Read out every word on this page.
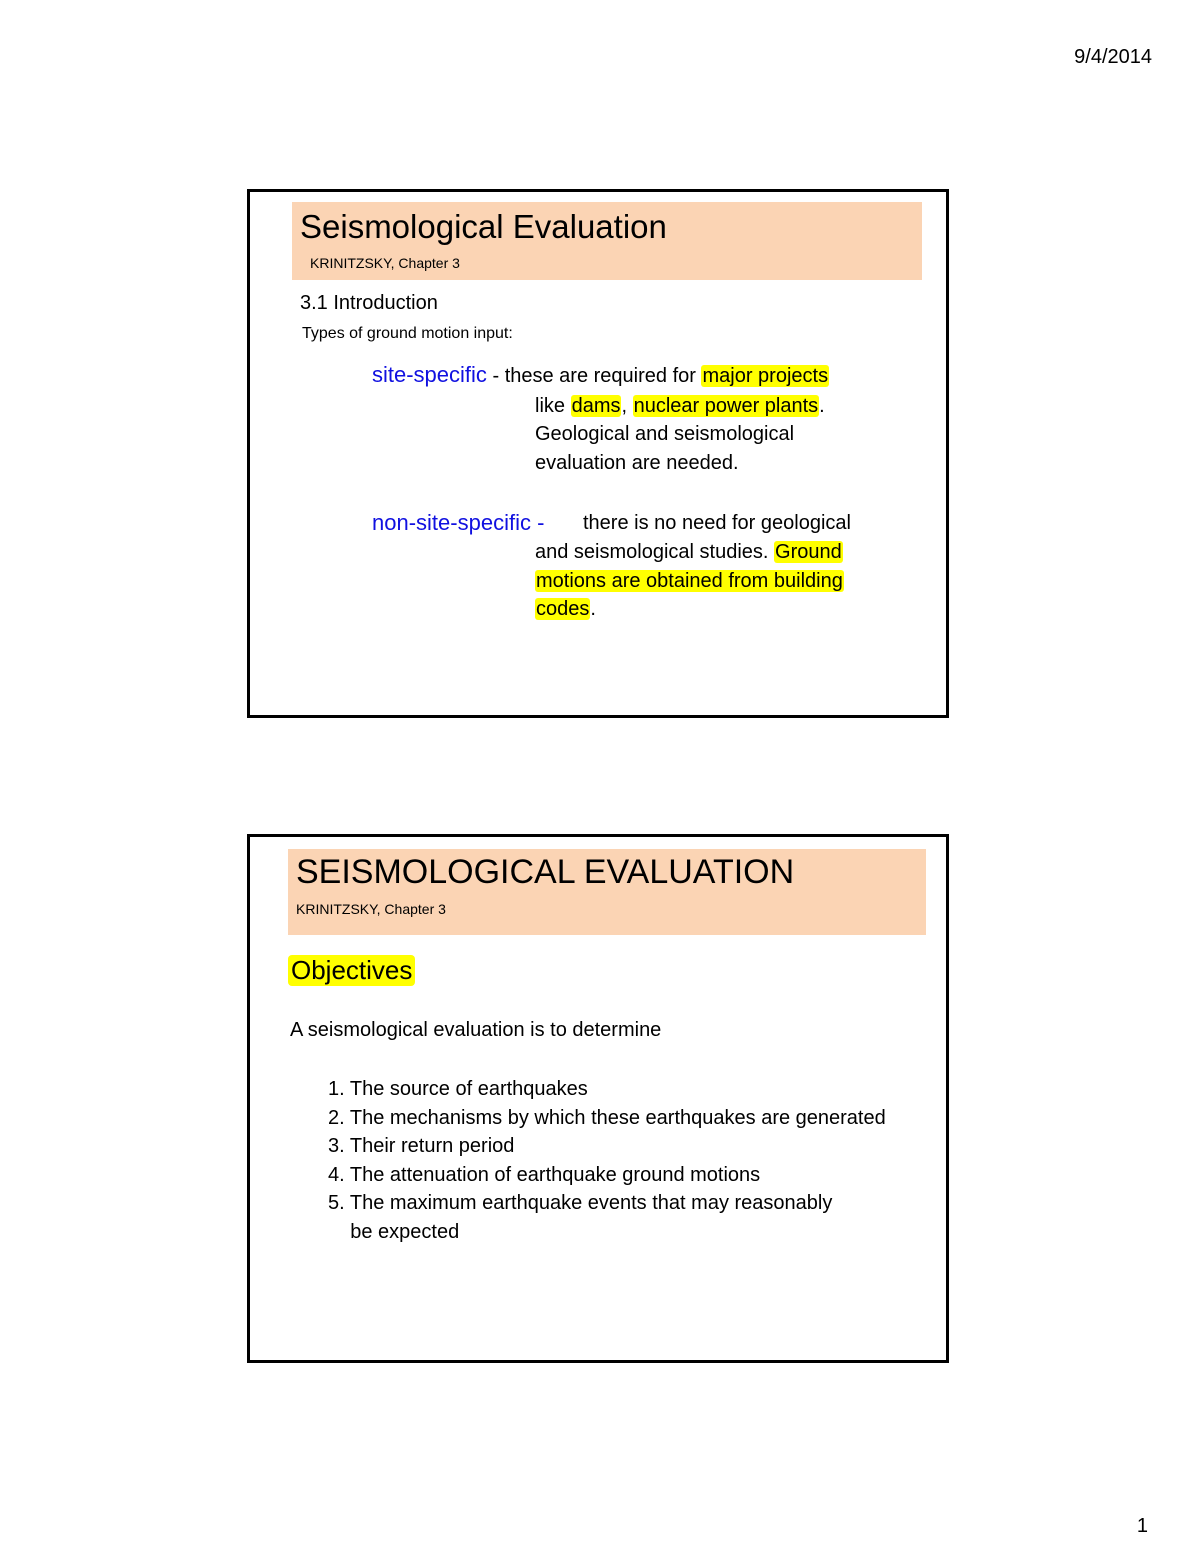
9/4/2014
Seismological Evaluation
KRINITZSKY, Chapter 3
3.1 Introduction
Types of ground motion input:
site-specific - these are required for major projects
like dams, nuclear power plants.
Geological and seismological
evaluation are needed.
non-site-specific - there is no need for geological
and seismological studies. Ground
motions are obtained from building
codes.
SEISMOLOGICAL EVALUATION
KRINITZSKY, Chapter 3
Objectives
A seismological evaluation is to determine
1. The source of earthquakes
2. The mechanisms by which these earthquakes are generated
3. Their return period
4. The attenuation of earthquake ground motions
5. The maximum earthquake events that may reasonably
be expected
1
